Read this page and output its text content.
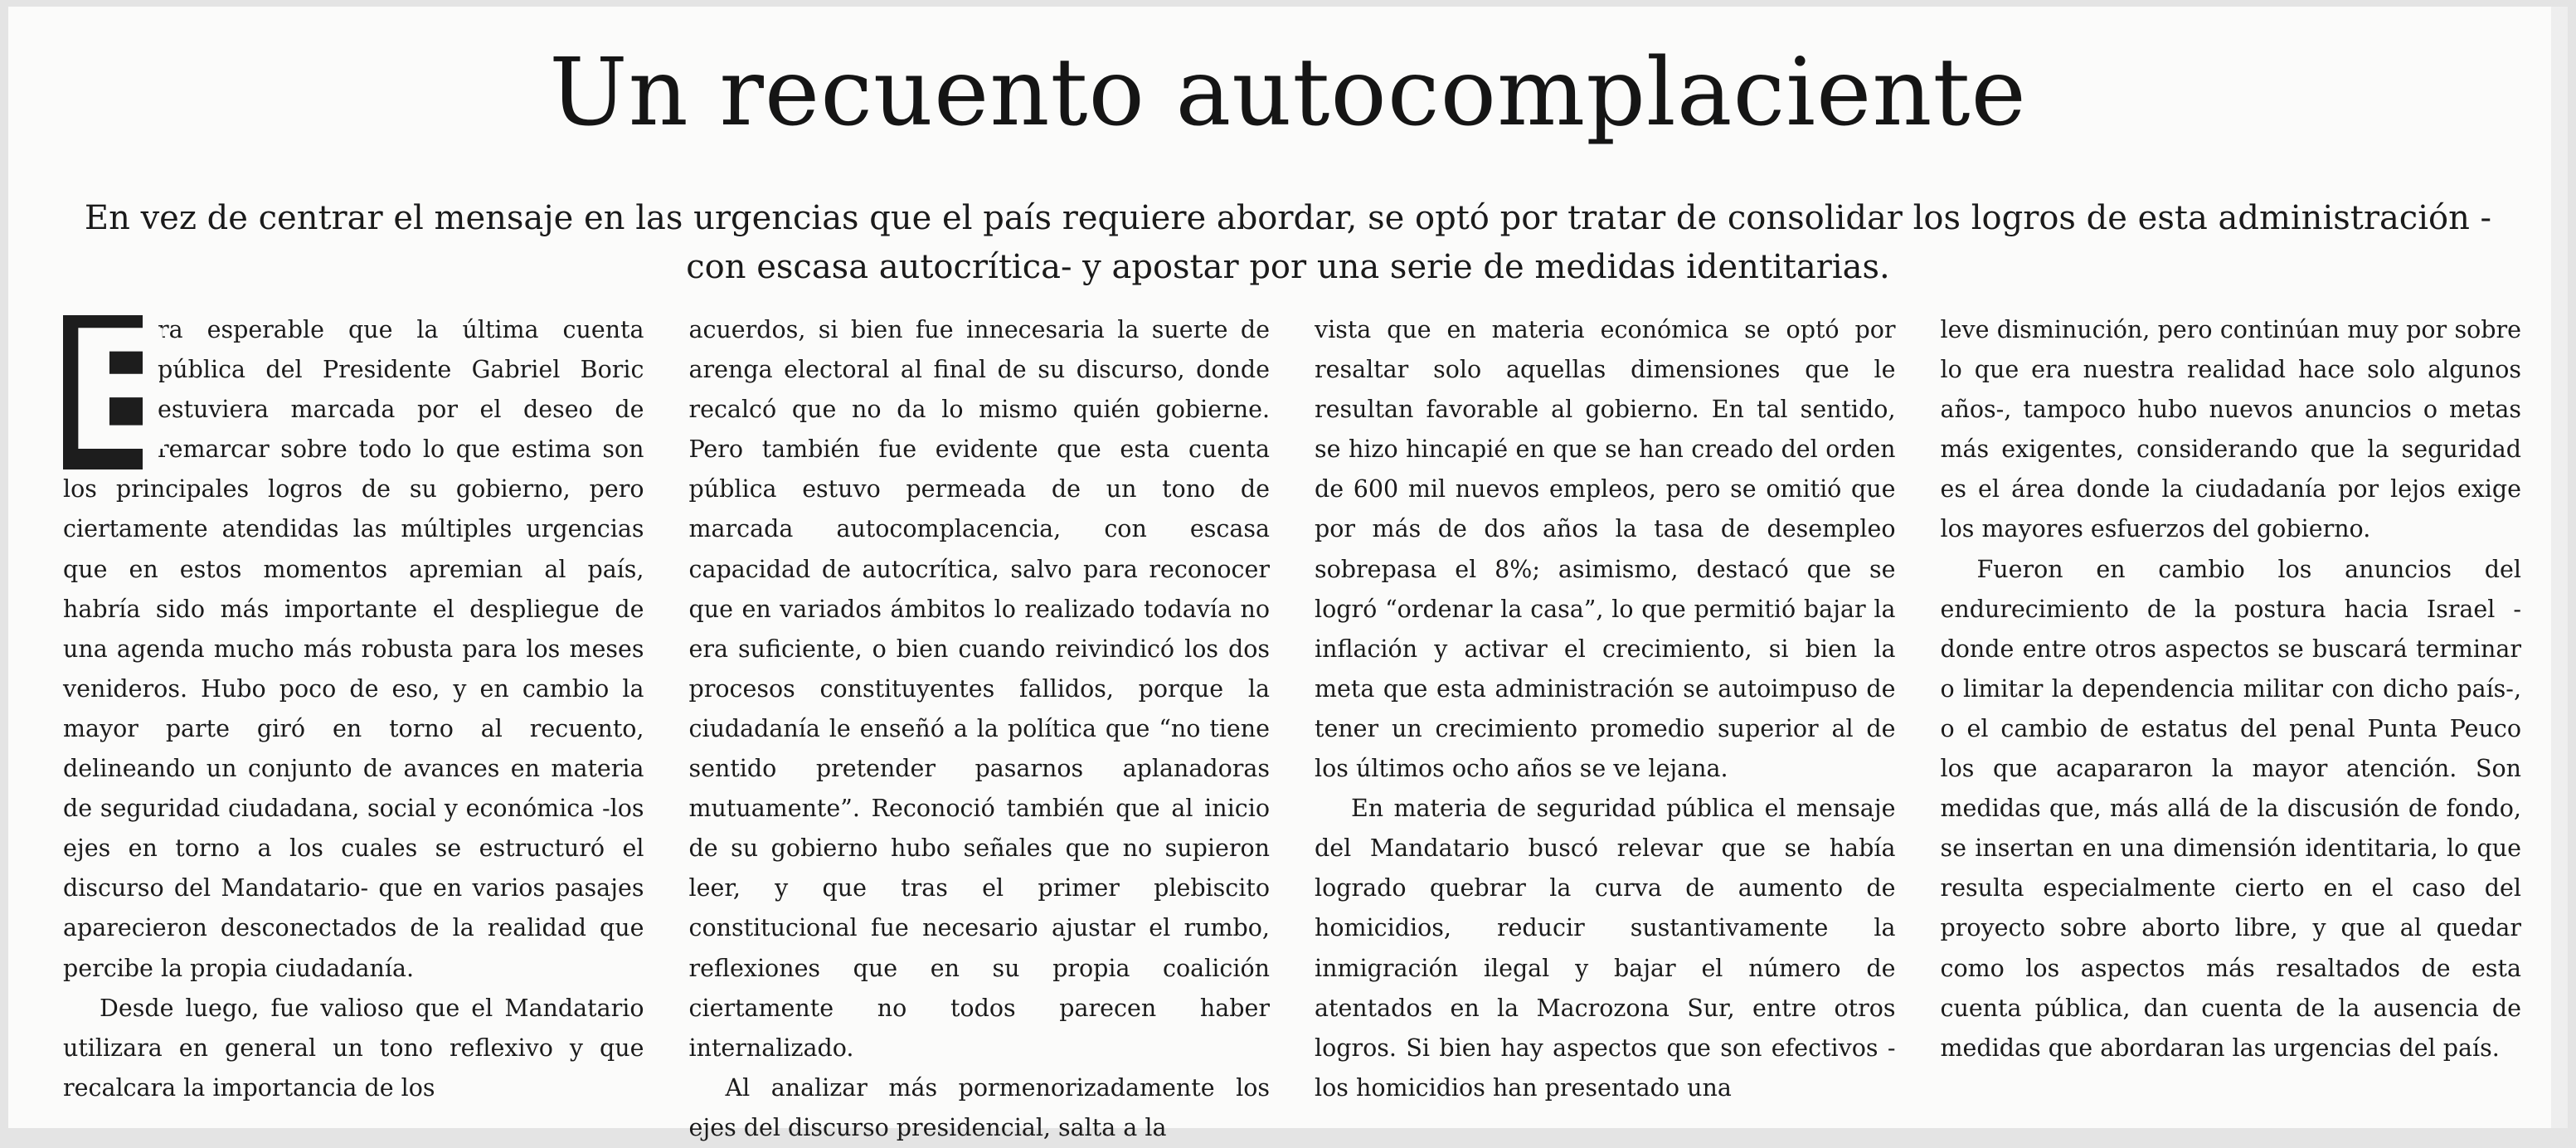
Un recuento autocomplaciente

En vez de centrar el mensaje en las urgencias que el país requiere abordar, se optó por tratar de consolidar los logros de esta administración -con escasa autocrítica- y apostar por una serie de medidas identitarias.

E

ra esperable que la última cuenta pública del Presidente Gabriel Boric estuviera marcada por el deseo de remarcar sobre todo lo que estima son los principales logros de su gobierno, pero ciertamente atendidas las múltiples urgencias que en estos momentos apremian al país, habría sido más importante el despliegue de una agenda mucho más robusta para los meses venideros. Hubo poco de eso, y en cambio la mayor parte giró en torno al recuento, delineando un conjunto de avances en materia de seguridad ciudadana, social y económica -los ejes en torno a los cuales se estructuró el discurso del Mandatario- que en varios pasajes aparecieron desconectados de la realidad que percibe la propia ciudadanía.

Desde luego, fue valioso que el Mandatario utilizara en general un tono reflexivo y que recalcara la importancia de los

acuerdos, si bien fue innecesaria la suerte de arenga electoral al final de su discurso, donde recalcó que no da lo mismo quién gobierne. Pero también fue evidente que esta cuenta pública estuvo permeada de un tono de marcada autocomplacencia, con escasa capacidad de autocrítica, salvo para reconocer que en variados ámbitos lo realizado todavía no era suficiente, o bien cuando reivindicó los dos procesos constituyentes fallidos, porque la ciudadanía le enseñó a la política que “no tiene sentido pretender pasarnos aplanadoras mutuamente”. Reconoció también que al inicio de su gobierno hubo señales que no supieron leer, y que tras el primer plebiscito constitucional fue necesario ajustar el rumbo, reflexiones que en su propia coalición ciertamente no todos parecen haber internalizado.

Al analizar más pormenorizadamente los ejes del discurso presidencial, salta a la

vista que en materia económica se optó por resaltar solo aquellas dimensiones que le resultan favorable al gobierno. En tal sentido, se hizo hincapié en que se han creado del orden de 600 mil nuevos empleos, pero se omitió que por más de dos años la tasa de desempleo sobrepasa el 8%; asimismo, destacó que se logró “ordenar la casa”, lo que permitió bajar la inflación y activar el crecimiento, si bien la meta que esta administración se autoimpuso de tener un crecimiento promedio superior al de los últimos ocho años se ve lejana.

En materia de seguridad pública el mensaje del Mandatario buscó relevar que se había logrado quebrar la curva de aumento de homicidios, reducir sustantivamente la inmigración ilegal y bajar el número de atentados en la Macrozona Sur, entre otros logros. Si bien hay aspectos que son efectivos -los homicidios han presentado una

leve disminución, pero continúan muy por sobre lo que era nuestra realidad hace solo algunos años-, tampoco hubo nuevos anuncios o metas más exigentes, considerando que la seguridad es el área donde la ciudadanía por lejos exige los mayores esfuerzos del gobierno.

Fueron en cambio los anuncios del endurecimiento de la postura hacia Israel -donde entre otros aspectos se buscará terminar o limitar la dependencia militar con dicho país-, o el cambio de estatus del penal Punta Peuco los que acapararon la mayor atención. Son medidas que, más allá de la discusión de fondo, se insertan en una dimensión identitaria, lo que resulta especialmente cierto en el caso del proyecto sobre aborto libre, y que al quedar como los aspectos más resaltados de esta cuenta pública, dan cuenta de la ausencia de medidas que abordaran las urgencias del país.
